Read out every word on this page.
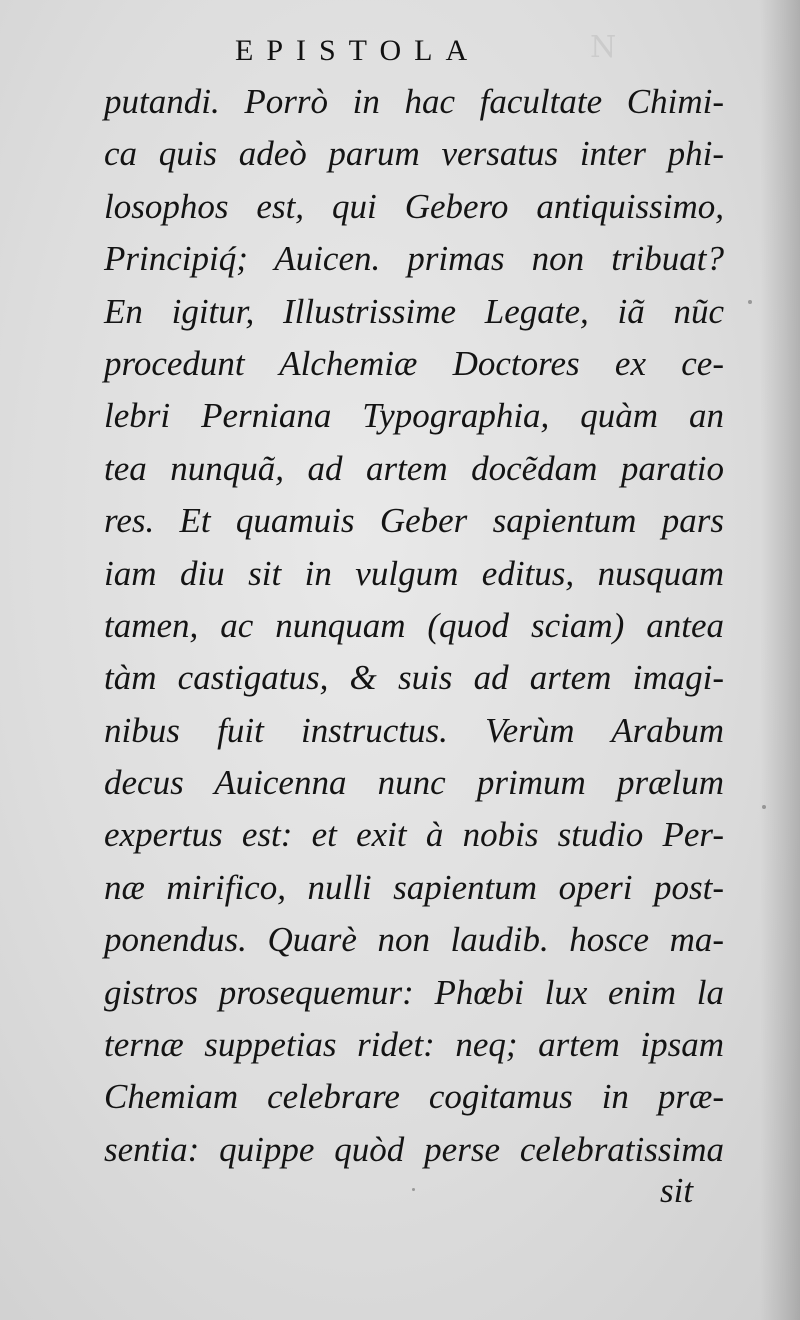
N
EPISTOLA
putandi. Porrò in hac facultate Chimi-
ca quis adeò parum versatus inter phi-
losophos est, qui Gebero antiquissimo,
Principiq́; Auicen. primas non tribuat?
En igitur, Illustrissime Legate, iã nũc
procedunt Alchemiæ Doctores ex ce-
lebri Perniana Typographia, quàm an
tea nunquã, ad artem docẽdam paratio
res. Et quamuis Geber sapientum pars
iam diu sit in vulgum editus, nusquam
tamen, ac nunquam (quod sciam) antea
tàm castigatus, & suis ad artem imagi-
nibus fuit instructus. Verùm Arabum
decus Auicenna nunc primum prælum
expertus est: et exit à nobis studio Per-
næ mirifico, nulli sapientum operi post-
ponendus. Quarè non laudib. hosce ma-
gistros prosequemur: Phœbi lux enim la
ternæ suppetias ridet: neq; artem ipsam
Chemiam celebrare cogitamus in præ-
sentia: quippe quòd perse celebratissima
sit
